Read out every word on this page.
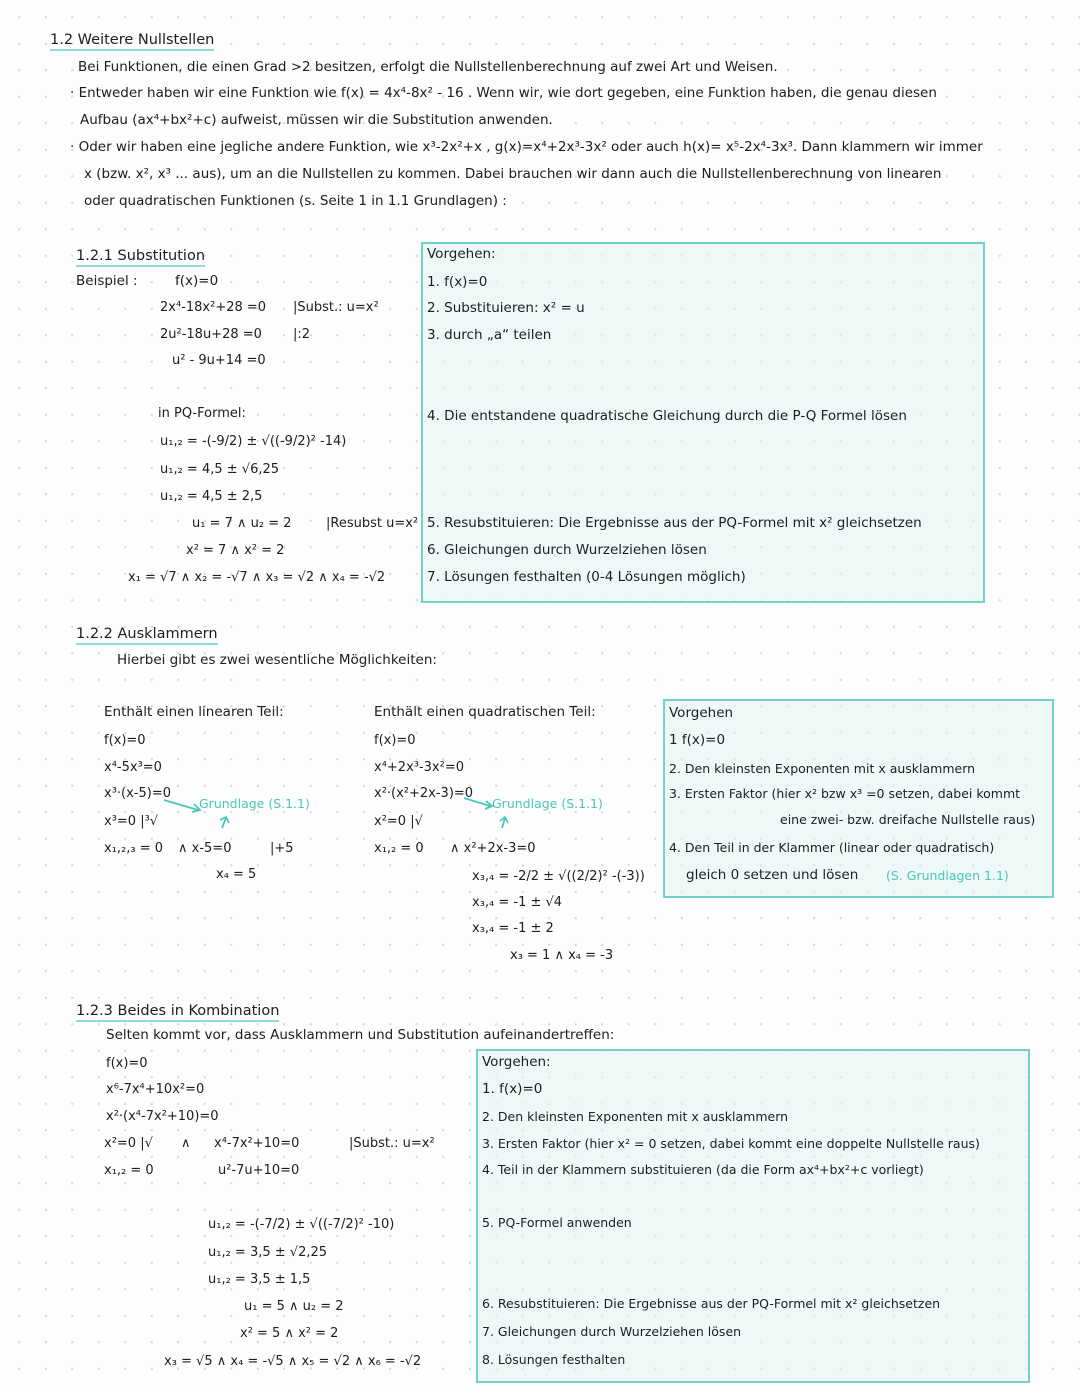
1.2 Weitere Nullstellen
Bei Funktionen, die einen Grad >2 besitzen, erfolgt die Nullstellenberechnung auf zwei Art und Weisen.
· Entweder haben wir eine Funktion wie f(x) = 4x⁴-8x² - 16 . Wenn wir, wie dort gegeben, eine Funktion haben, die genau diesen
Aufbau (ax⁴+bx²+c) aufweist, müssen wir die Substitution anwenden.
· Oder wir haben eine jegliche andere Funktion, wie x³-2x²+x , g(x)=x⁴+2x³-3x² oder auch h(x)= x⁵-2x⁴-3x³. Dann klammern wir immer
x (bzw. x², x³ ... aus), um an die Nullstellen zu kommen. Dabei brauchen wir dann auch die Nullstellenberechnung von linearen
oder quadratischen Funktionen (s. Seite 1 in 1.1 Grundlagen) :
1.2.1 Substitution
Beispiel :	f(x)=0
2x⁴-18x²+28 =0 |Subst.: u=x²
2u²-18u+28 =0 |:2
u² - 9u+14 =0
in PQ-Formel:
u₁,₂ = -(-9/2) ± √((-9/2)² -14)
u₁,₂ = 4,5 ± √6,25
u₁,₂ = 4,5 ± 2,5
u₁ = 7 ∧ u₂ = 2	|Resubst u=x²
x² = 7 ∧ x² = 2
x₁ = √7 ∧ x₂ = -√7 ∧ x₃ = √2 ∧ x₄ = -√2
Vorgehen:
1. f(x)=0
2. Substituieren: x² = u
3. durch „a“ teilen
4. Die entstandene quadratische Gleichung durch die P-Q Formel lösen
5. Resubstituieren: Die Ergebnisse aus der PQ-Formel mit x² gleichsetzen
6. Gleichungen durch Wurzelziehen lösen
7. Lösungen festhalten (0-4 Lösungen möglich)
1.2.2 Ausklammern
Hierbei gibt es zwei wesentliche Möglichkeiten:
Enthält einen linearen Teil:
f(x)=0
x⁴-5x³=0
x³·(x-5)=0
Grundlage (S.1.1)
x³=0 |³√
x₁,₂,₃ = 0 ∧ x-5=0	|+5
x₄ = 5
Enthält einen quadratischen Teil:
f(x)=0
x⁴+2x³-3x²=0
x²·(x²+2x-3)=0
Grundlage (S.1.1)
x²=0 |√
x₁,₂ = 0 ∧ x²+2x-3=0
x₃,₄ = -2/2 ± √((2/2)² -(-3))
x₃,₄ = -1 ± √4
x₃,₄ = -1 ± 2
x₃ = 1 ∧ x₄ = -3
Vorgehen
1 f(x)=0
2. Den kleinsten Exponenten mit x ausklammern
3. Ersten Faktor (hier x² bzw x³ =0 setzen, dabei kommt
eine zwei- bzw. dreifache Nullstelle raus)
4. Den Teil in der Klammer (linear oder quadratisch)
gleich 0 setzen und lösen (S. Grundlagen 1.1)
1.2.3 Beides in Kombination
Selten kommt vor, dass Ausklammern und Substitution aufeinandertreffen:
f(x)=0
x⁶-7x⁴+10x²=0
x²·(x⁴-7x²+10)=0
x²=0 |√ ∧ x⁴-7x²+10=0	|Subst.: u=x²
x₁,₂ = 0	u²-7u+10=0
u₁,₂ = -(-7/2) ± √((-7/2)² -10)
u₁,₂ = 3,5 ± √2,25
u₁,₂ = 3,5 ± 1,5
u₁ = 5 ∧ u₂ = 2
x² = 5 ∧ x² = 2
x₃ = √5 ∧ x₄ = -√5 ∧ x₅ = √2 ∧ x₆ = -√2
Vorgehen:
1. f(x)=0
2. Den kleinsten Exponenten mit x ausklammern
3. Ersten Faktor (hier x² = 0 setzen, dabei kommt eine doppelte Nullstelle raus)
4. Teil in der Klammern substituieren (da die Form ax⁴+bx²+c vorliegt)
5. PQ-Formel anwenden
6. Resubstituieren: Die Ergebnisse aus der PQ-Formel mit x² gleichsetzen
7. Gleichungen durch Wurzelziehen lösen
8. Lösungen festhalten
